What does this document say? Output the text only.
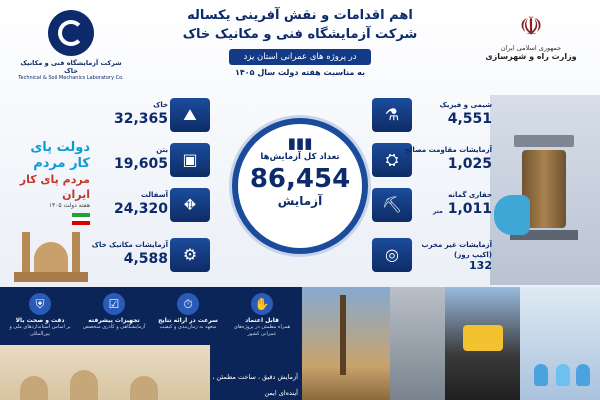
شرکت آزمایشگاه فنی و مکانیک خاک
Technical & Soil Mechanics Laboratory Co.
اهم اقدامات و نقش آفرینی یکساله
شرکت آزمایشگاه فنی و مکانیک خاک
در پروژه های عمرانی استان یزد
به مناسبت هفته دولت سال ۱۴۰۵
☫
جمهوری اسلامی ایران
وزارت راه و شهرسازی
دولت پای کار مردم
مردم پای کار ایران
هفته دولت ۱۴۰۵
خاک
32,365 ⛰
بتن
19,605 ▣
آسفالت
24,320 ⛖
آزمایشات مکانیک خاک
4,588 ⚙
▮▮▮
تعداد کل آزمایش‌ها
86,454
آزمایش
⚗	شیمی و فیزیک
4,551
⛭ آزمایشات مقاومت مصالح
1,025
⛏	حفاری گمانه
1,011 متر
◎	آزمایشات غیر مخرب
(اکیپ روز)
132
✋
قابل اعتماد
همراه مطمئن در پروژه‌های عمرانی کشور
⏱
سرعت در ارائه نتایج
متعهد به زمان‌بندی و کیفیت
☑
تجهیزات پیشرفته
آزمایشگاهی و کادری متخصص
⛨
دقت و صحت بالا
بر اساس استانداردهای ملی و بین‌المللی
آزمایش دقیق ، ساخت مطمئن ، آینده‌ای ایمن
